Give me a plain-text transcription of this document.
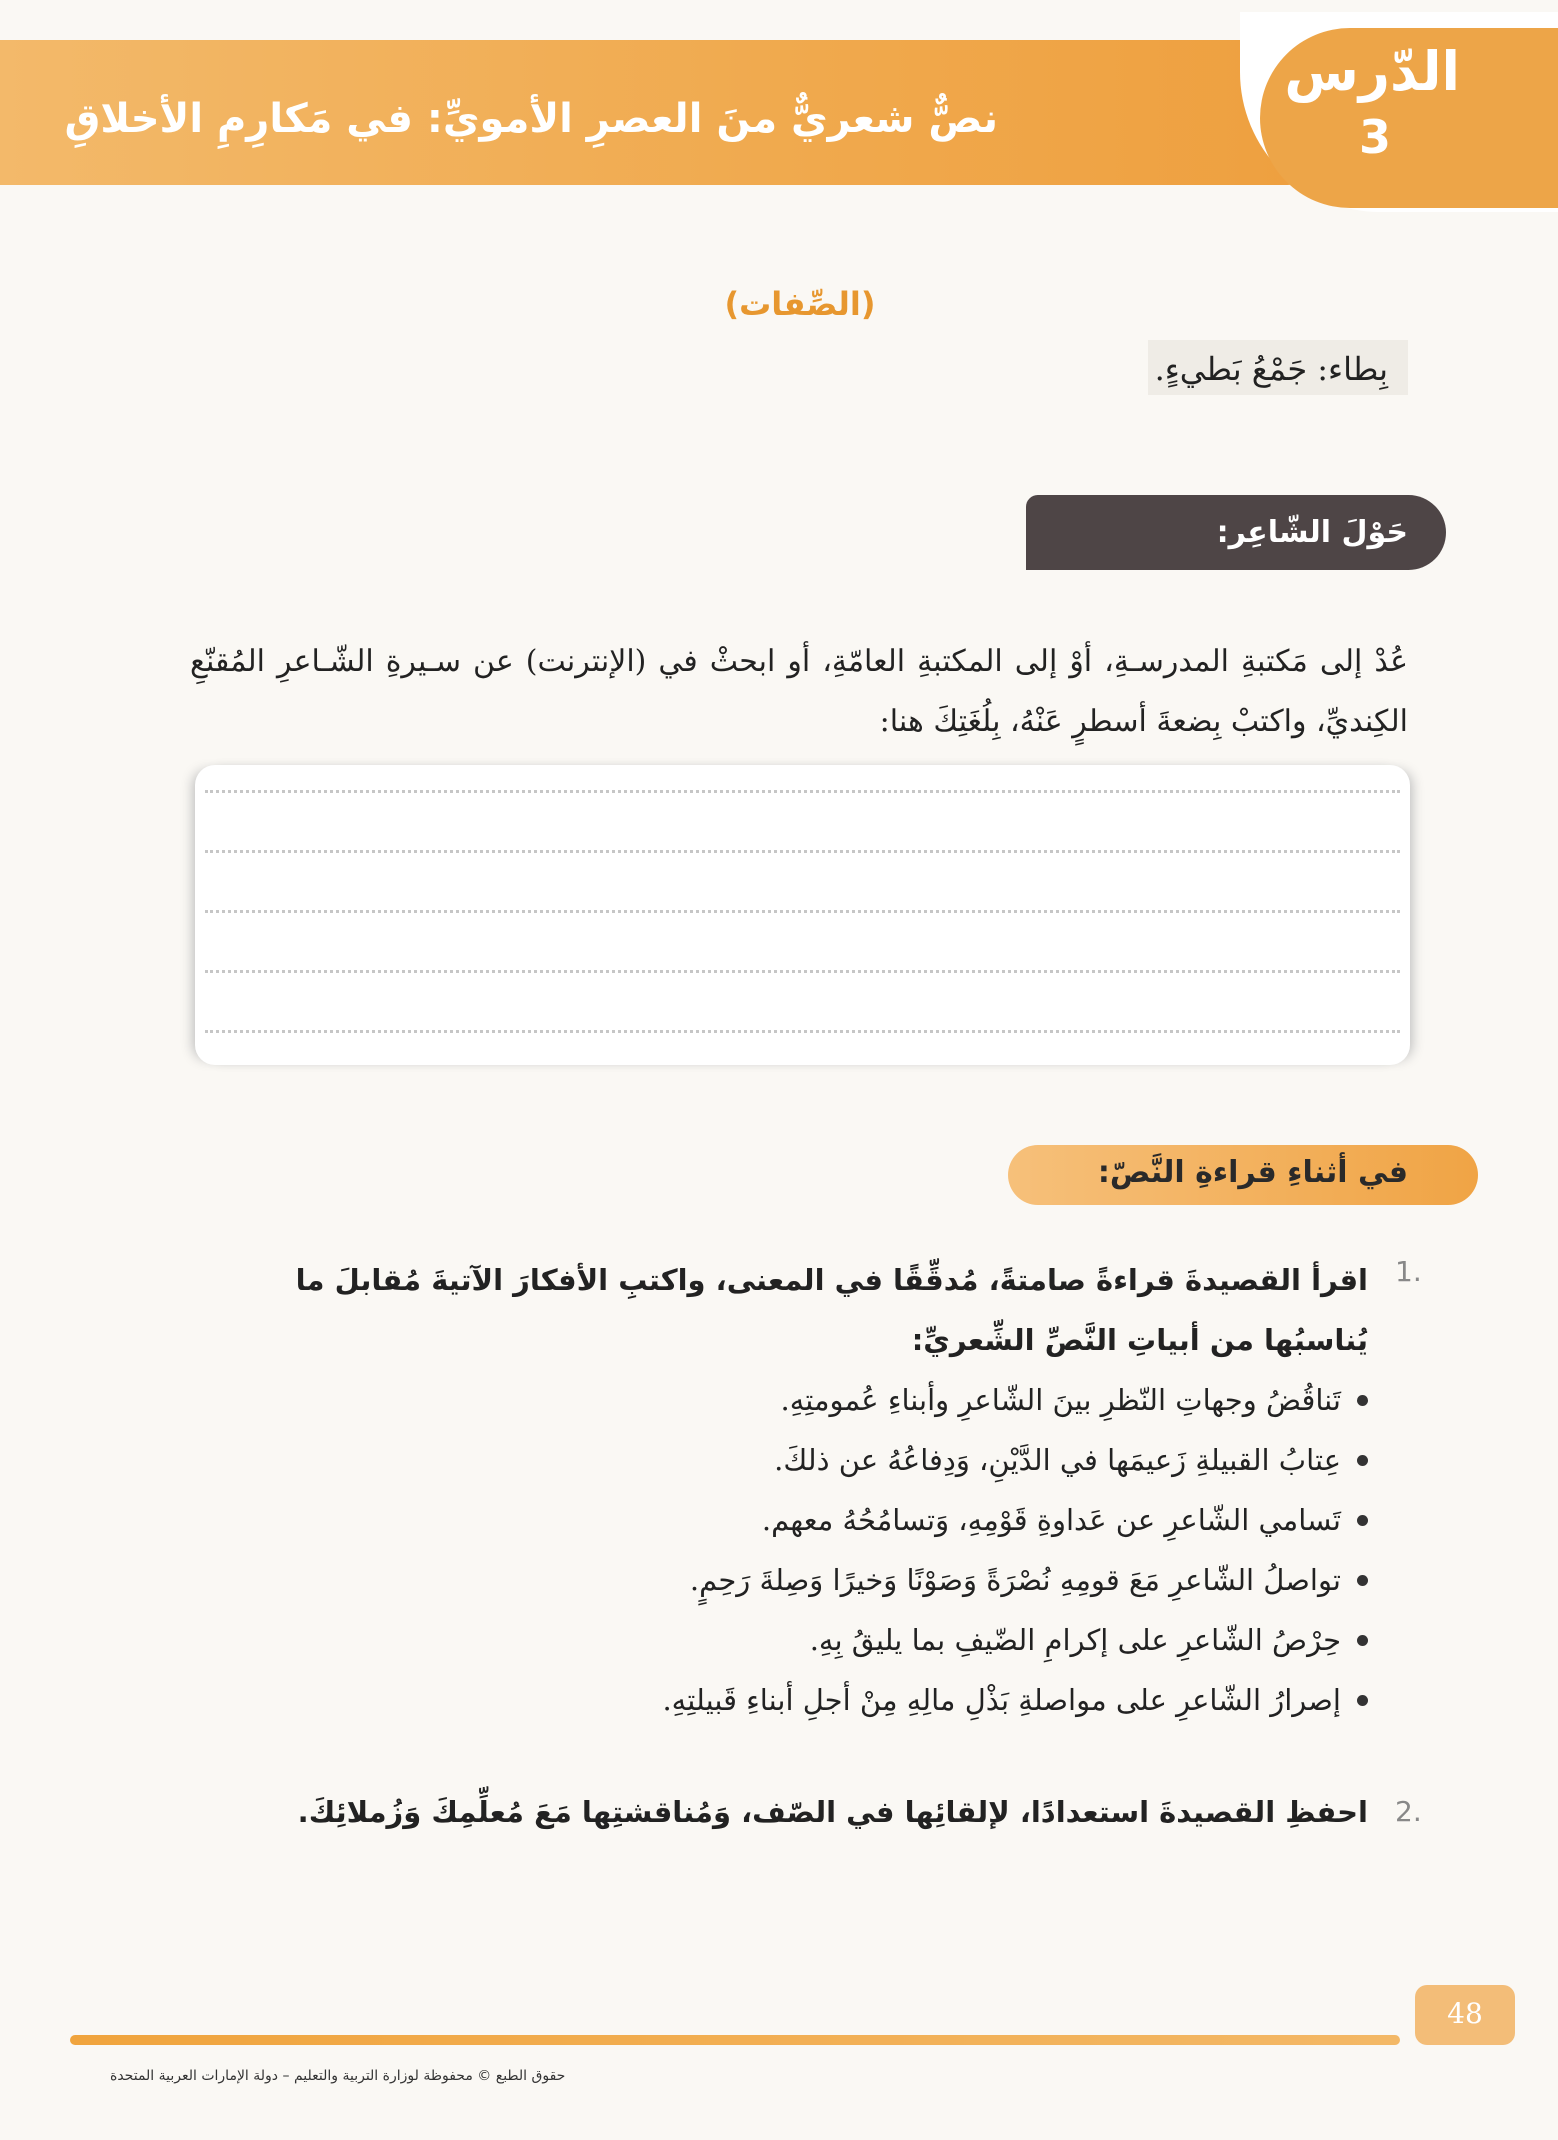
نصٌّ شعريٌّ منَ العصرِ الأمويِّ: في مَكارِمِ الأخلاقِ
الدّرس
3
(الصِّفات)
بِطاء: جَمْعُ بَطيءٍ.
حَوْلَ الشّاعِر:
عُدْ إلى مَكتبةِ المدرسـةِ، أوْ إلى المكتبةِ العامّةِ، أو ابحثْ في (الإنترنت) عن سـيرةِ الشّـاعرِ المُقنّعِ الكِنديِّ، واكتبْ بِضعةَ أسطرٍ عَنْهُ، بِلُغَتِكَ هنا:
في أثناءِ قراءةِ النَّصّ:
1.
اقرأ القصيدةَ قراءةً صامتةً، مُدقِّقًا في المعنى، واكتبِ الأفكارَ الآتيةَ مُقابلَ ما يُناسبُها من أبياتِ النَّصِّ الشِّعريِّ:
تَناقُضُ وجهاتِ النّظرِ بينَ الشّاعرِ وأبناءِ عُمومتِهِ.
عِتابُ القبيلةِ زَعيمَها في الدَّيْنِ، وَدِفاعُهُ عن ذلكَ.
تَسامي الشّاعرِ عن عَداوةِ قَوْمِهِ، وَتسامُحُهُ معهم.
تواصلُ الشّاعرِ مَعَ قومِهِ نُصْرَةً وَصَوْنًا وَخيرًا وَصِلةَ رَحِمٍ.
حِرْصُ الشّاعرِ على إكرامِ الضّيفِ بما يليقُ بِهِ.
إصرارُ الشّاعرِ على مواصلةِ بَذْلِ مالِهِ مِنْ أجلِ أبناءِ قَبيلتِهِ.
2.
احفظِ القصيدةَ استعدادًا، لإلقائِها في الصّف، وَمُناقشتِها مَعَ مُعلِّمِكَ وَزُملائِكَ.
48
حقوق الطبع © محفوظة لوزارة التربية والتعليم – دولة الإمارات العربية المتحدة
